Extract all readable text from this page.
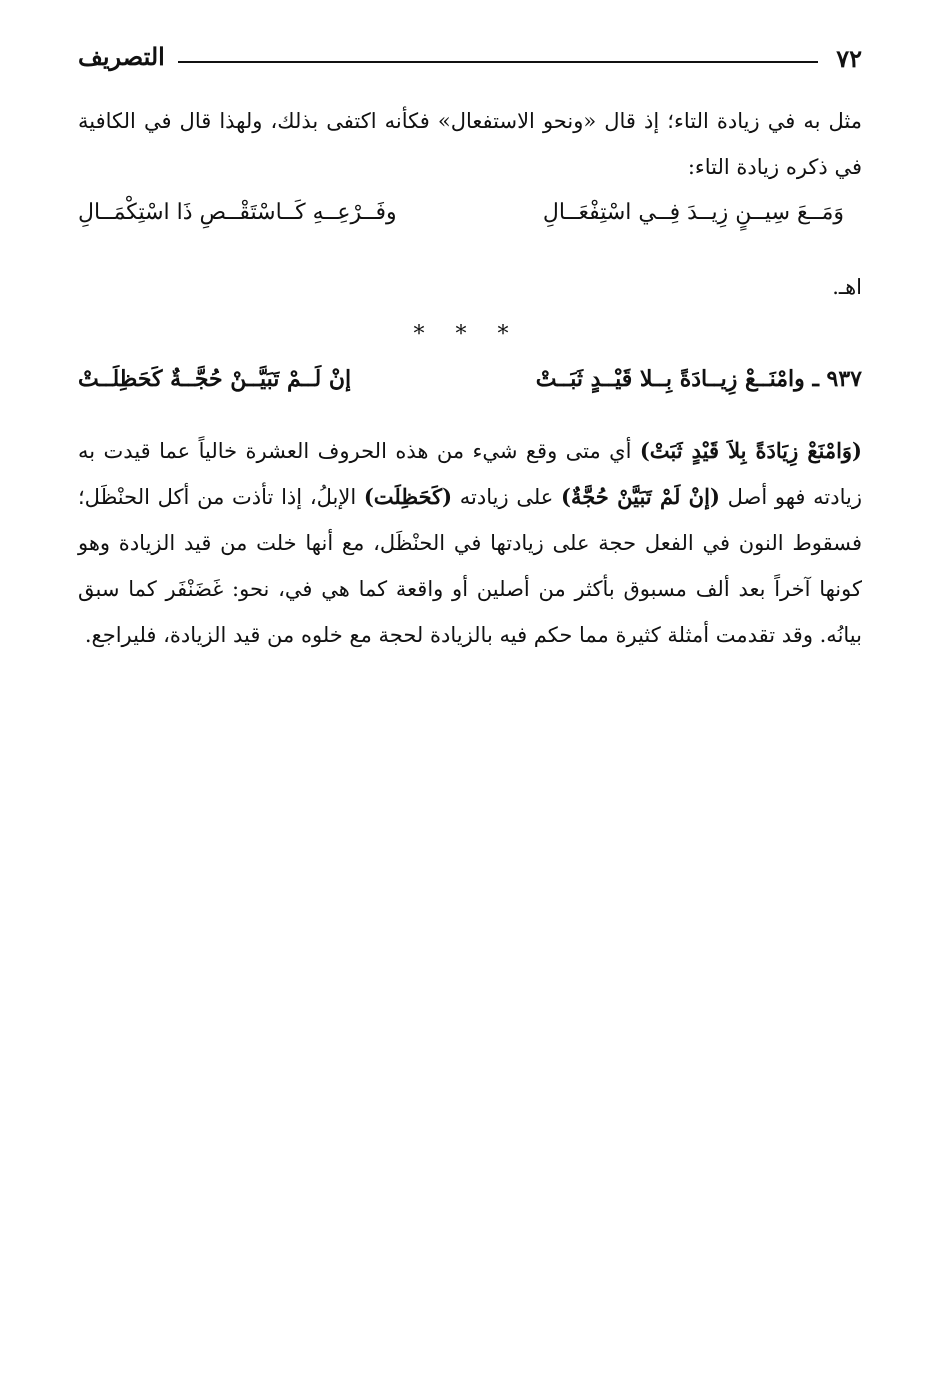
٧٢
التصريف
مثل به في زيادة التاء؛ إذ قال «ونحو الاستفعال» فكأنه اكتفى بذلك، ولهذا قال في الكافية في ذكره زيادة التاء:
وَمَــعَ سِيــنٍ زِيــدَ فِــي اسْتِفْعَــالِ
وفَــرْعِــهِ كَــاسْتَقْــصِ ذَا اسْتِكْمَــالِ
اهـ.
* * *
٩٣٧ ـ وامْنَــعْ زِيــادَةً بِــلا قَيْــدٍ ثَبَــتْ
إنْ لَــمْ تَبَيَّــنْ حُجَّــةٌ كَحَظِلَــتْ
(وَامْنَعْ زِيَادَةً بِلاَ قَيْدٍ ثَبَتْ) أي متى وقع شيء من هذه الحروف العشرة خالياً عما قيدت به زيادته فهو أصل (إنْ لَمْ تَبَيَّنْ حُجَّةٌ) على زيادته (كَحَظِلَت) الإبلُ، إذا تأذت من أكل الحنْظَل؛ فسقوط النون في الفعل حجة على زيادتها في الحنْظَل، مع أنها خلت من قيد الزيادة وهو كونها آخراً بعد ألف مسبوق بأكثر من أصلين أو واقعة كما هي في، نحو: غَضَنْفَر كما سبق بيانُه. وقد تقدمت أمثلة كثيرة مما حكم فيه بالزيادة لحجة مع خلوه من قيد الزيادة، فليراجع.
